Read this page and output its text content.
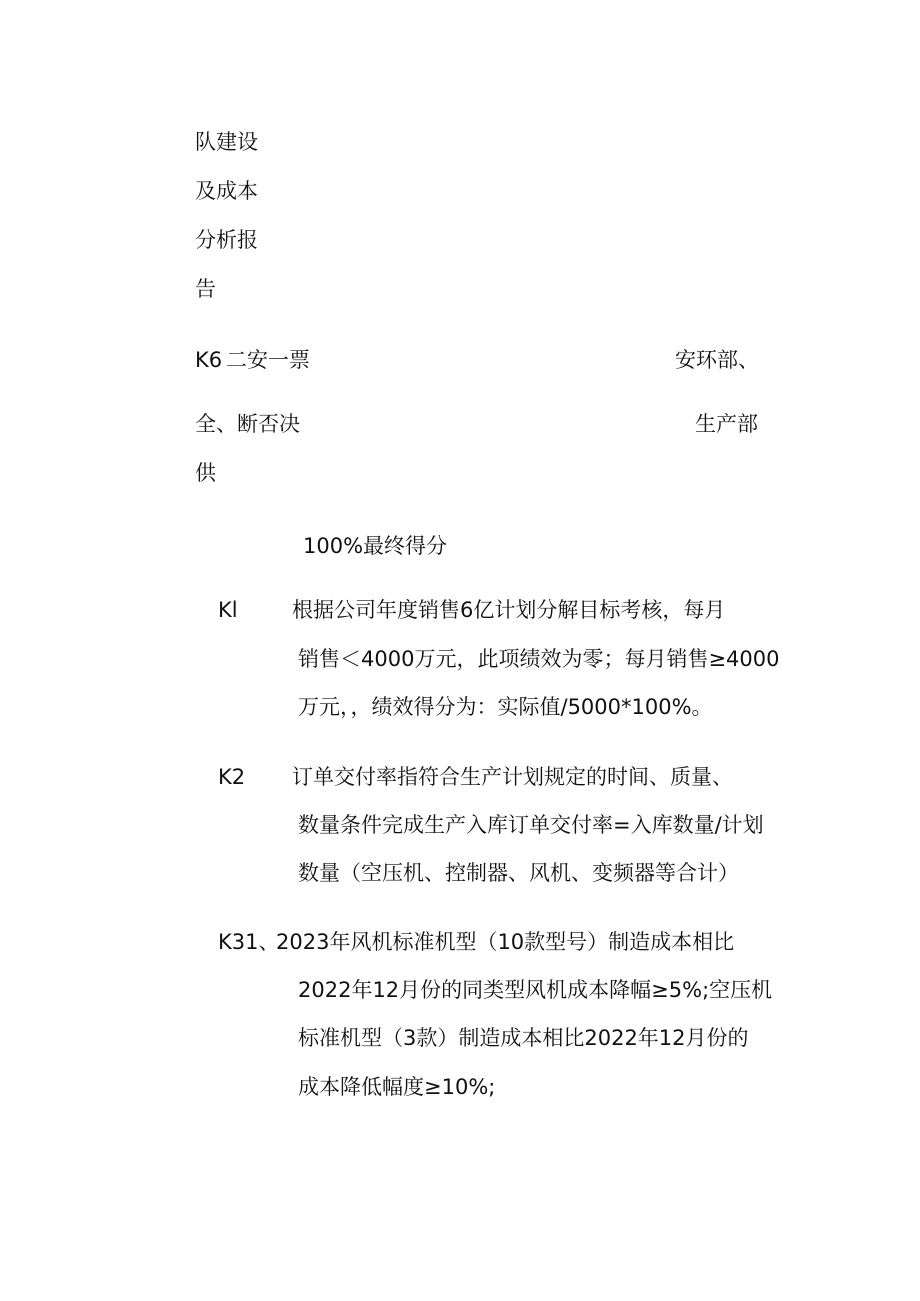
队建设
及成本
分析报
告
K6 二安一票	安环部、
全、断否决	生产部
供
100%最终得分
Kl	根据公司年度销售6亿计划分解目标考核，每月
销售＜4000万元，此项绩效为零；每月销售≥4000
万元，，绩效得分为：实际值/5000*100%。
K2 订单交付率指符合生产计划规定的时间、质量、
数量条件完成生产入库订单交付率=入库数量/计划
数量（空压机、控制器、风机、变频器等合计）
K31、
2023年风机标准机型（10款型号）制造成本相比
2022年12月份的同类型风机成本降幅≥5%;空压机
标准机型（3款）制造成本相比2022年12月份的
成本降低幅度≥10%;
